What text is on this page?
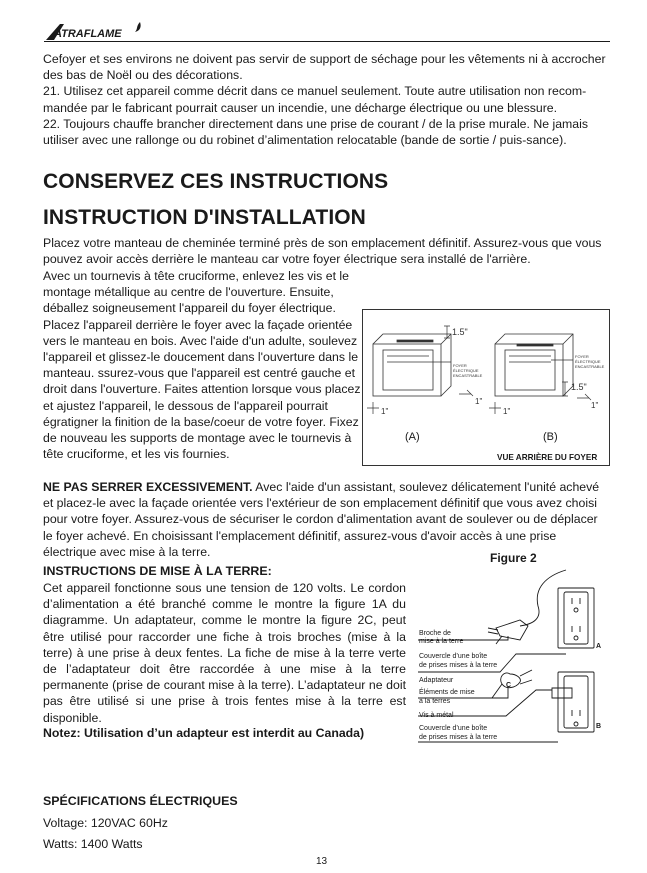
ATRAFLAME

Cefoyer et ses environs ne doivent pas servir de support de séchage pour les vêtements ni à accrocher des bas de Noël ou des décorations.

21. Utilisez cet appareil comme décrit dans ce manuel seulement. Toute autre utilisation non recom-mandée par le fabricant pourrait causer un incendie, une décharge électrique ou une blessure.

22. Toujours chauffe brancher directement dans une prise de courant / de la prise murale. Ne jamais utiliser avec une rallonge ou du robinet d’alimentation relocatable (bande de sortie / puis-sance).

CONSERVEZ CES INSTRUCTIONS
INSTRUCTION D'INSTALLATION

Placez votre manteau de cheminée terminé près de son emplacement définitif. Assurez-vous que vous pouvez avoir accès derrière le manteau car votre foyer électrique sera installé de l'arrière.

Avec un tournevis à tête cruciforme, enlevez les vis et le montage métallique au centre de l'ouverture. Ensuite, déballez soigneusement l'appareil du foyer électrique. Placez l'appareil derrière le foyer avec la façade orientée vers le manteau en bois. Avec l'aide d'un adulte, soulevez l'appareil et glissez-le doucement dans l'ouverture dans le manteau. ssurez-vous que l'appareil est centré gauche et droit dans l'ouverture. Faites attention lorsque vous placez et ajustez l'appareil, le dessous de l'appareil pourrait égratigner la finition de la base/coeur de votre foyer. Fixez de nouveau les supports de montage avec le tournevis à tête cruciforme, et les vis fournies.

FOYER
ÉLECTRIQUE
ENCASTRABLE
1.5"
1"
1"
(A)
FOYER
ÉLECTRIQUE
ENCASTRABLE
1.5"
1"
1"
(B)
VUE ARRIÈRE DU FOYER

NE PAS SERRER EXCESSIVEMENT. Avec l'aide d'un assistant, soulevez délicatement l'unité achevé et placez-le avec la façade orientée vers l'extérieur de son emplacement définitif que vous avez choisi pour votre foyer. Assurez-vous de sécuriser le cordon d'alimentation avant de soulever ou de déplacer le foyer achevé. En choisissant l'emplacement définitif, assurez-vous d'avoir accès à une prise électrique avec mise à la terre.

INSTRUCTIONS DE MISE À LA TERRE:

Cet appareil fonctionne sous une tension de 120 volts. Le cordon d’alimentation a été branché comme le montre la figure 1A du diagramme. Un adaptateur, comme le montre la figure 2C, peut être utilisé pour raccorder une fiche à trois broches (mise à la terre) à une prise à deux fentes. La fiche de mise à la terre verte de l’adaptateur doit être raccordée à une mise à la terre permanente (prise de courant mise à la terre). L’adaptateur ne doit pas être utilisé si une prise à trois fentes mise à la terre est disponible.

Notez: Utilisation d’un adapteur est interdit au Canada)

Figure 2
Broche de
mise à la terre
Couvercle d’une boîte
de prises mises à la terre
Adaptateur
Éléments de mise
à la terres
Vis à métal
Couvercle d’une boîte
de prises mises à la terre
A
C
B
SPÉCIFICATIONS ÉLECTRIQUES
Voltage: 120VAC 60Hz
Watts: 1400 Watts
13
